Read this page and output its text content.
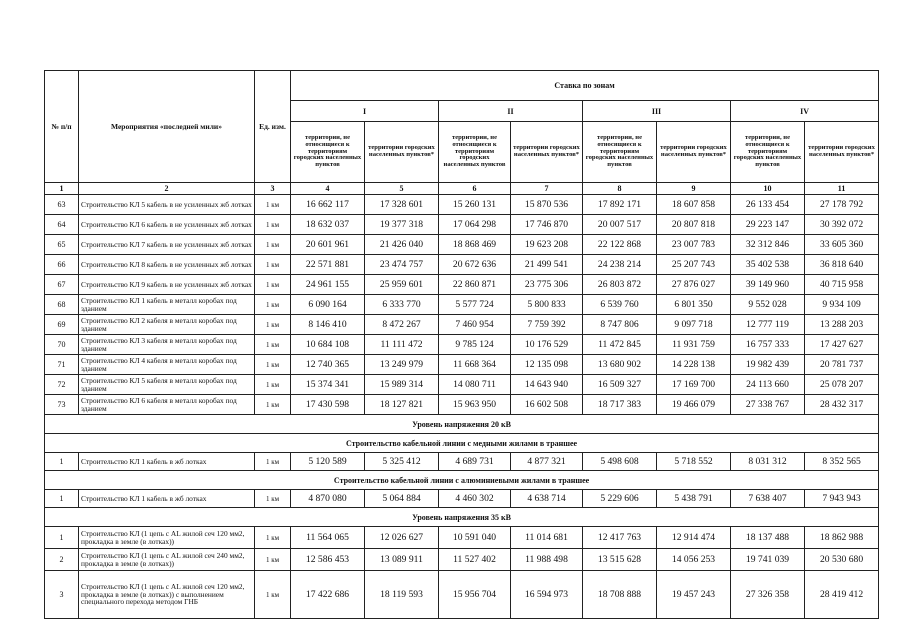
№ п/п	Мероприятия «последней мили»	Ед. изм.	Ставка по зонам							
			I		II		III		IV	
			территории, не относящиеся к территориям городских населенных пунктов	территории городских населенных пунктов*	территории, не относящиеся к территориям городских населенных пунктов	территории городских населенных пунктов*	территории, не относящиеся к территориям городских населенных пунктов	территории городских населенных пунктов*	территории, не относящиеся к территориям городских населенных пунктов	территории городских населенных пунктов*
1	2	3	4	5	6	7	8	9	10	11
63	Строительство КЛ 5 кабель в не усиленных жб лотках	1 км	16 662 117	17 328 601	15 260 131	15 870 536	17 892 171	18 607 858	26 133 454	27 178 792
64	Строительство КЛ 6 кабель в не усиленных жб лотках	1 км	18 632 037	19 377 318	17 064 298	17 746 870	20 007 517	20 807 818	29 223 147	30 392 072
65	Строительство КЛ 7 кабель в не усиленных жб лотках	1 км	20 601 961	21 426 040	18 868 469	19 623 208	22 122 868	23 007 783	32 312 846	33 605 360
66	Строительство КЛ 8 кабель в не усиленных жб лотках	1 км	22 571 881	23 474 757	20 672 636	21 499 541	24 238 214	25 207 743	35 402 538	36 818 640
67	Строительство КЛ 9 кабель в не усиленных жб лотках	1 км	24 961 155	25 959 601	22 860 871	23 775 306	26 803 872	27 876 027	39 149 960	40 715 958
68	Строительство КЛ 1 кабель в металл коробах под зданием	1 км	6 090 164	6 333 770	5 577 724	5 800 833	6 539 760	6 801 350	9 552 028	9 934 109
69	Строительство КЛ 2 кабеля в металл коробах под зданием	1 км	8 146 410	8 472 267	7 460 954	7 759 392	8 747 806	9 097 718	12 777 119	13 288 203
70	Строительство КЛ 3 кабеля в металл коробах под зданием	1 км	10 684 108	11 111 472	9 785 124	10 176 529	11 472 845	11 931 759	16 757 333	17 427 627
71	Строительство КЛ 4 кабеля в металл коробах под зданием	1 км	12 740 365	13 249 979	11 668 364	12 135 098	13 680 902	14 228 138	19 982 439	20 781 737
72	Строительство КЛ 5 кабеля в металл коробах под зданием	1 км	15 374 341	15 989 314	14 080 711	14 643 940	16 509 327	17 169 700	24 113 660	25 078 207
73	Строительство КЛ 6 кабеля в металл коробах под зданием	1 км	17 430 598	18 127 821	15 963 950	16 602 508	18 717 383	19 466 079	27 338 767	28 432 317
Уровень напряжения 20 кВ										
Строительство кабельной линии с медными жилами в траншее										
1	Строительство КЛ 1 кабель в жб лотках	1 км	5 120 589	5 325 412	4 689 731	4 877 321	5 498 608	5 718 552	8 031 312	8 352 565
Строительство кабельной линии с алюминиевыми жилами в траншее										
1	Строительство КЛ 1 кабель в жб лотках	1 км	4 870 080	5 064 884	4 460 302	4 638 714	5 229 606	5 438 791	7 638 407	7 943 943
Уровень напряжения 35 кВ										
1	Строительство КЛ (1 цепь с AL жилой сеч 120 мм2, прокладка в земле (в лотках))	1 км	11 564 065	12 026 627	10 591 040	11 014 681	12 417 763	12 914 474	18 137 488	18 862 988
2	Строительство КЛ (1 цепь с AL жилой сеч 240 мм2, прокладка в земле (в лотках))	1 км	12 586 453	13 089 911	11 527 402	11 988 498	13 515 628	14 056 253	19 741 039	20 530 680
3	Строительство КЛ (1 цепь с AL жилой сеч 120 мм2, прокладка в земле (в лотках)) с выполнением специального перехода методом ГНБ	1 км	17 422 686	18 119 593	15 956 704	16 594 973	18 708 888	19 457 243	27 326 358	28 419 412
